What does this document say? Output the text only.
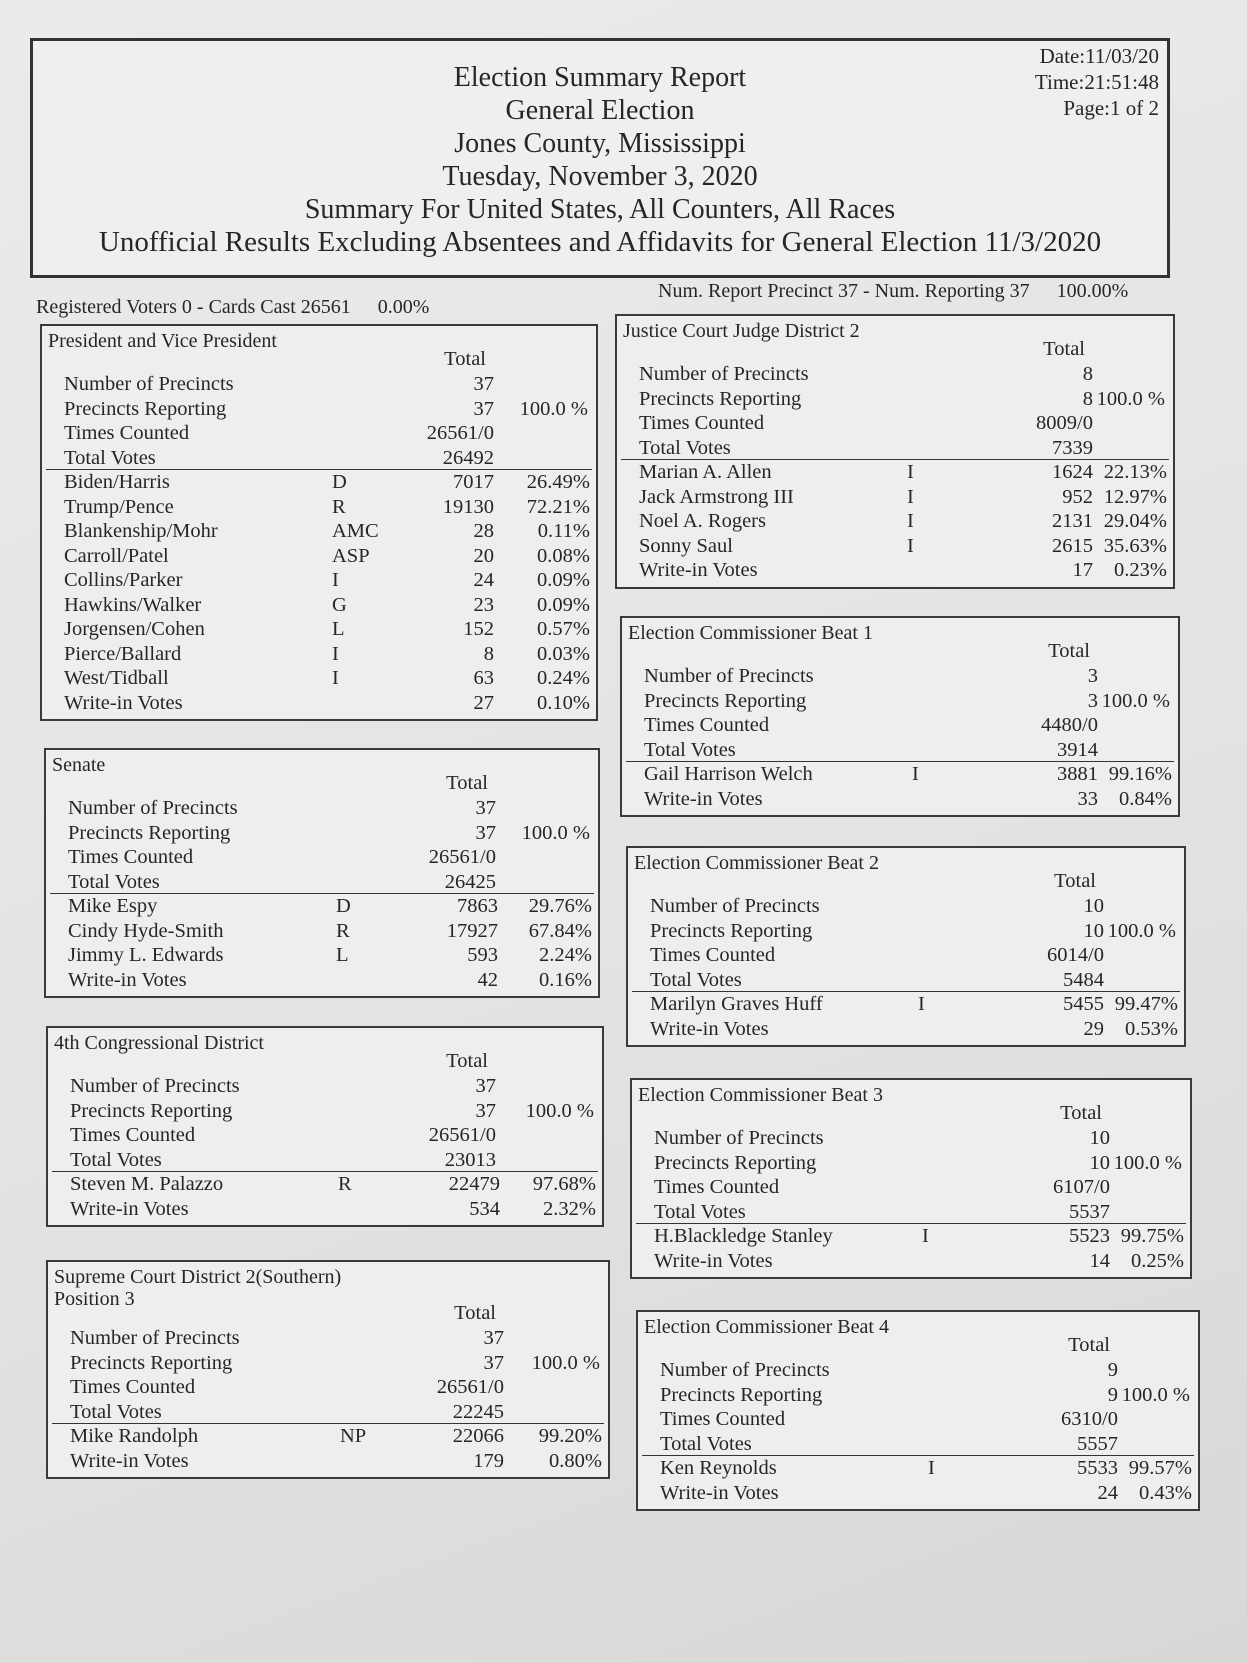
Election Summary Report
General Election
Jones County, Mississippi
Tuesday, November 3, 2020
Summary For United States, All Counters, All Races
Unofficial Results Excluding Absentees and Affidavits for General Election 11/3/2020
Date:11/03/20
Time:21:51:48
Page:1 of 2
Registered Voters 0 - Cards Cast 26561 0.00%
Num. Report Precinct 37 - Num. Reporting 37 100.00%
President and Vice President
Total
Number of Precincts	37
Precincts Reporting	37 100.0 %
Times Counted	26561/0
Total Votes	26492
Biden/Harris	D	7017 26.49%
Trump/Pence	R	19130 72.21%
Blankenship/Mohr	AMC	28 0.11%
Carroll/Patel	ASP	20 0.08%
Collins/Parker	I	24 0.09%
Hawkins/Walker	G	23 0.09%
Jorgensen/Cohen	L	152 0.57%
Pierce/Ballard	I	8 0.03%
West/Tidball	I	63 0.24%
Write-in Votes	27 0.10%
Senate
Total
Number of Precincts	37
Precincts Reporting	37 100.0 %
Times Counted	26561/0
Total Votes	26425
Mike Espy	D	7863 29.76%
Cindy Hyde-Smith	R	17927 67.84%
Jimmy L. Edwards	L	593 2.24%
Write-in Votes	42 0.16%
4th Congressional District
Total
Number of Precincts	37
Precincts Reporting	37 100.0 %
Times Counted	26561/0
Total Votes	23013
Steven M. Palazzo	R	22479 97.68%
Write-in Votes	534 2.32%
Supreme Court District 2(Southern)
Position 3
Total
Number of Precincts	37
Precincts Reporting	37 100.0 %
Times Counted	26561/0
Total Votes	22245
Mike Randolph	NP	22066 99.20%
Write-in Votes	179 0.80%
Justice Court Judge District 2
Total
Number of Precincts	8
Precincts Reporting	8 100.0 %
Times Counted	8009/0
Total Votes	7339
Marian A. Allen	I	1624 22.13%
Jack Armstrong III	I	952 12.97%
Noel A. Rogers	I	2131 29.04%
Sonny Saul	I	2615 35.63%
Write-in Votes	17 0.23%
Election Commissioner Beat 1
Total
Number of Precincts	3
Precincts Reporting	3 100.0 %
Times Counted	4480/0
Total Votes	3914
Gail Harrison Welch	I	3881 99.16%
Write-in Votes	33 0.84%
Election Commissioner Beat 2
Total
Number of Precincts	10
Precincts Reporting	10 100.0 %
Times Counted	6014/0
Total Votes	5484
Marilyn Graves Huff	I	5455 99.47%
Write-in Votes	29 0.53%
Election Commissioner Beat 3
Total
Number of Precincts	10
Precincts Reporting	10 100.0 %
Times Counted	6107/0
Total Votes	5537
H.Blackledge Stanley	I	5523 99.75%
Write-in Votes	14 0.25%
Election Commissioner Beat 4
Total
Number of Precincts	9
Precincts Reporting	9 100.0 %
Times Counted	6310/0
Total Votes	5557
Ken Reynolds	I	5533 99.57%
Write-in Votes	24 0.43%
